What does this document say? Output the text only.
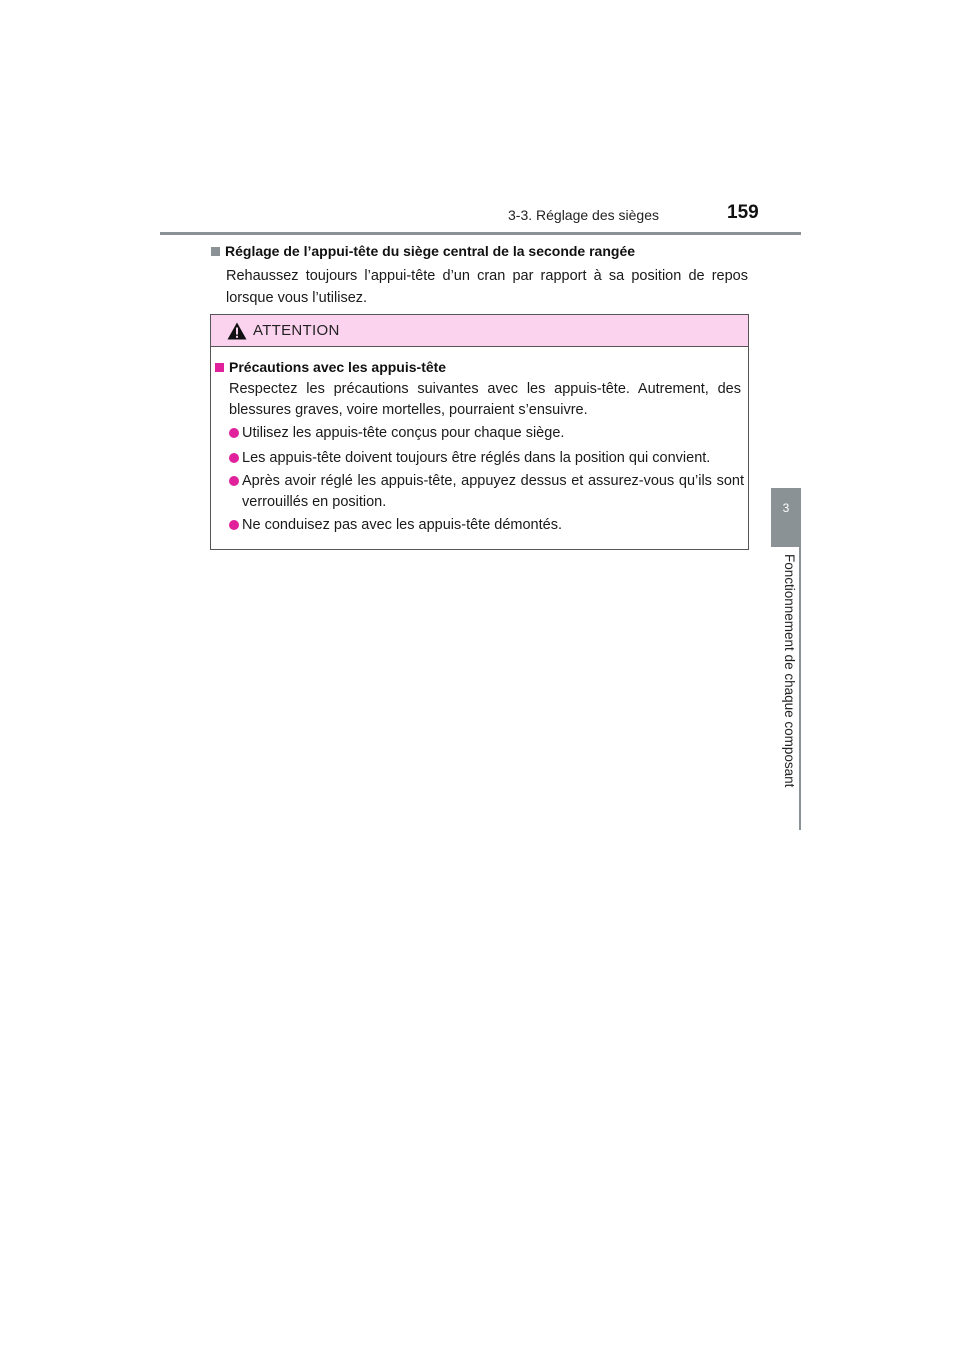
3-3. Réglage des sièges	159
3
Fonctionnement de chaque composant
Réglage de l’appui-tête du siège central de la seconde rangée
Rehaussez toujours l’appui-tête d’un cran par rapport à sa position de repos lorsque vous l’utilisez.
ATTENTION
Précautions avec les appuis-tête
Respectez les précautions suivantes avec les appuis-tête. Autrement, des blessures graves, voire mortelles, pourraient s’ensuivre.
Utilisez les appuis-tête conçus pour chaque siège.
Les appuis-tête doivent toujours être réglés dans la position qui convient.
Après avoir réglé les appuis-tête, appuyez dessus et assurez-vous qu’ils sont verrouillés en position.
Ne conduisez pas avec les appuis-tête démontés.
